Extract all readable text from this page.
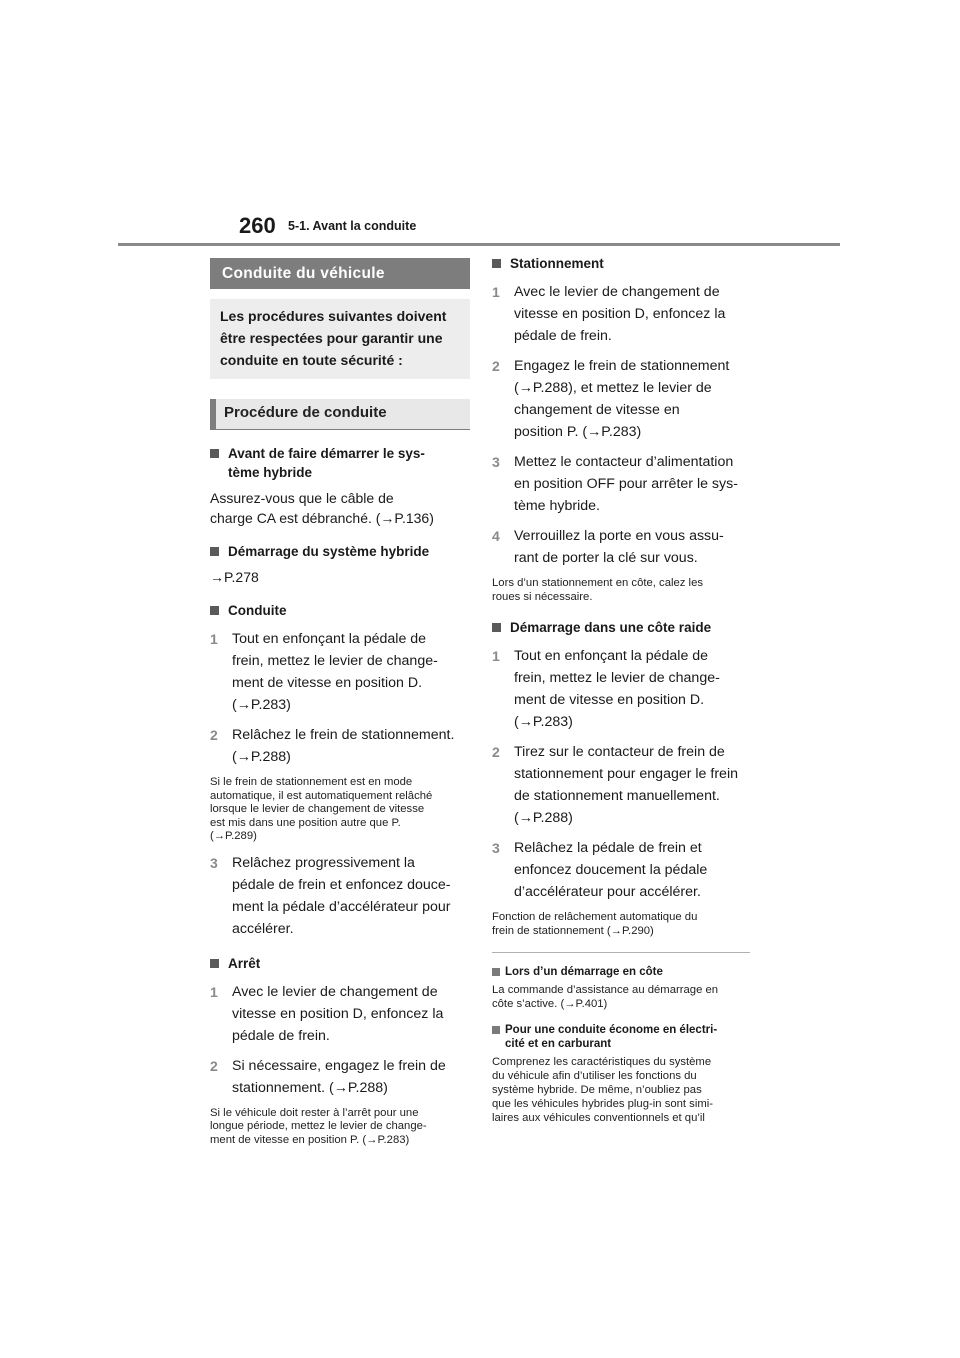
260 5-1. Avant la conduite
Conduite du véhicule
Les procédures suivantes doivent
être respectées pour garantir une
conduite en toute sécurité :
Procédure de conduite
Avant de faire démarrer le sys-
tème hybride
Assurez-vous que le câble de
charge CA est débranché. (→P.136)
Démarrage du système hybride
→P.278
Conduite
1 Tout en enfonçant la pédale de
frein, mettez le levier de change-
ment de vitesse en position D.
(→P.283)
2 Relâchez le frein de stationnement.
(→P.288)
Si le frein de stationnement est en mode
automatique, il est automatiquement relâché
lorsque le levier de changement de vitesse
est mis dans une position autre que P.
(→P.289)
3 Relâchez progressivement la
pédale de frein et enfoncez douce-
ment la pédale d’accélérateur pour
accélérer.
Arrêt
1 Avec le levier de changement de
vitesse en position D, enfoncez la
pédale de frein.
2 Si nécessaire, engagez le frein de
stationnement. (→P.288)
Si le véhicule doit rester à l’arrêt pour une
longue période, mettez le levier de change-
ment de vitesse en position P. (→P.283)
Stationnement
1 Avec le levier de changement de
vitesse en position D, enfoncez la
pédale de frein.
2 Engagez le frein de stationnement
(→P.288), et mettez le levier de
changement de vitesse en
position P. (→P.283)
3 Mettez le contacteur d’alimentation
en position OFF pour arrêter le sys-
tème hybride.
4 Verrouillez la porte en vous assu-
rant de porter la clé sur vous.
Lors d’un stationnement en côte, calez les
roues si nécessaire.
Démarrage dans une côte raide
1 Tout en enfonçant la pédale de
frein, mettez le levier de change-
ment de vitesse en position D.
(→P.283)
2 Tirez sur le contacteur de frein de
stationnement pour engager le frein
de stationnement manuellement.
(→P.288)
3 Relâchez la pédale de frein et
enfoncez doucement la pédale
d’accélérateur pour accélérer.
Fonction de relâchement automatique du
frein de stationnement (→P.290)
Lors d’un démarrage en côte
La commande d’assistance au démarrage en
côte s’active. (→P.401)
Pour une conduite économe en électri-
cité et en carburant
Comprenez les caractéristiques du système
du véhicule afin d’utiliser les fonctions du
système hybride. De même, n’oubliez pas
que les véhicules hybrides plug-in sont simi-
laires aux véhicules conventionnels et qu’il
